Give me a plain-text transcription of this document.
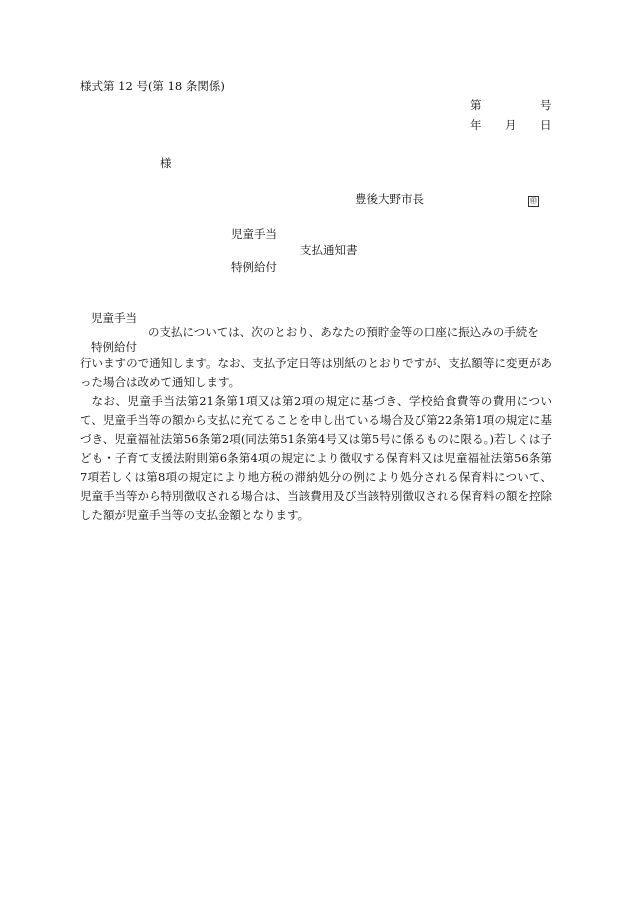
様式第 12 号(第 18 条関係)
第	号
年 月 日
様
豊後大野市長	㊞
児童手当
支払通知書
特例給付
児童手当
の支払については、次のとおり、あなたの預貯金等の口座に振込みの手続を
特例給付

行いますので通知します。なお、支払予定日等は別紙のとおりですが、支払額等に変更があった場合は改めて通知します。

なお、児童手当法第21条第1項又は第2項の規定に基づき、学校給食費等の費用について、児童手当等の額から支払に充てることを申し出ている場合及び第22条第1項の規定に基づき、児童福祉法第56条第2項(同法第51条第4号又は第5号に係るものに限る。)若しくは子ども・子育て支援法附則第6条第4項の規定により徴収する保育料又は児童福祉法第56条第7項若しくは第8項の規定により地方税の滞納処分の例により処分される保育料について、児童手当等から特別徴収される場合は、当該費用及び当該特別徴収される保育料の額を控除した額が児童手当等の支払金額となります。
